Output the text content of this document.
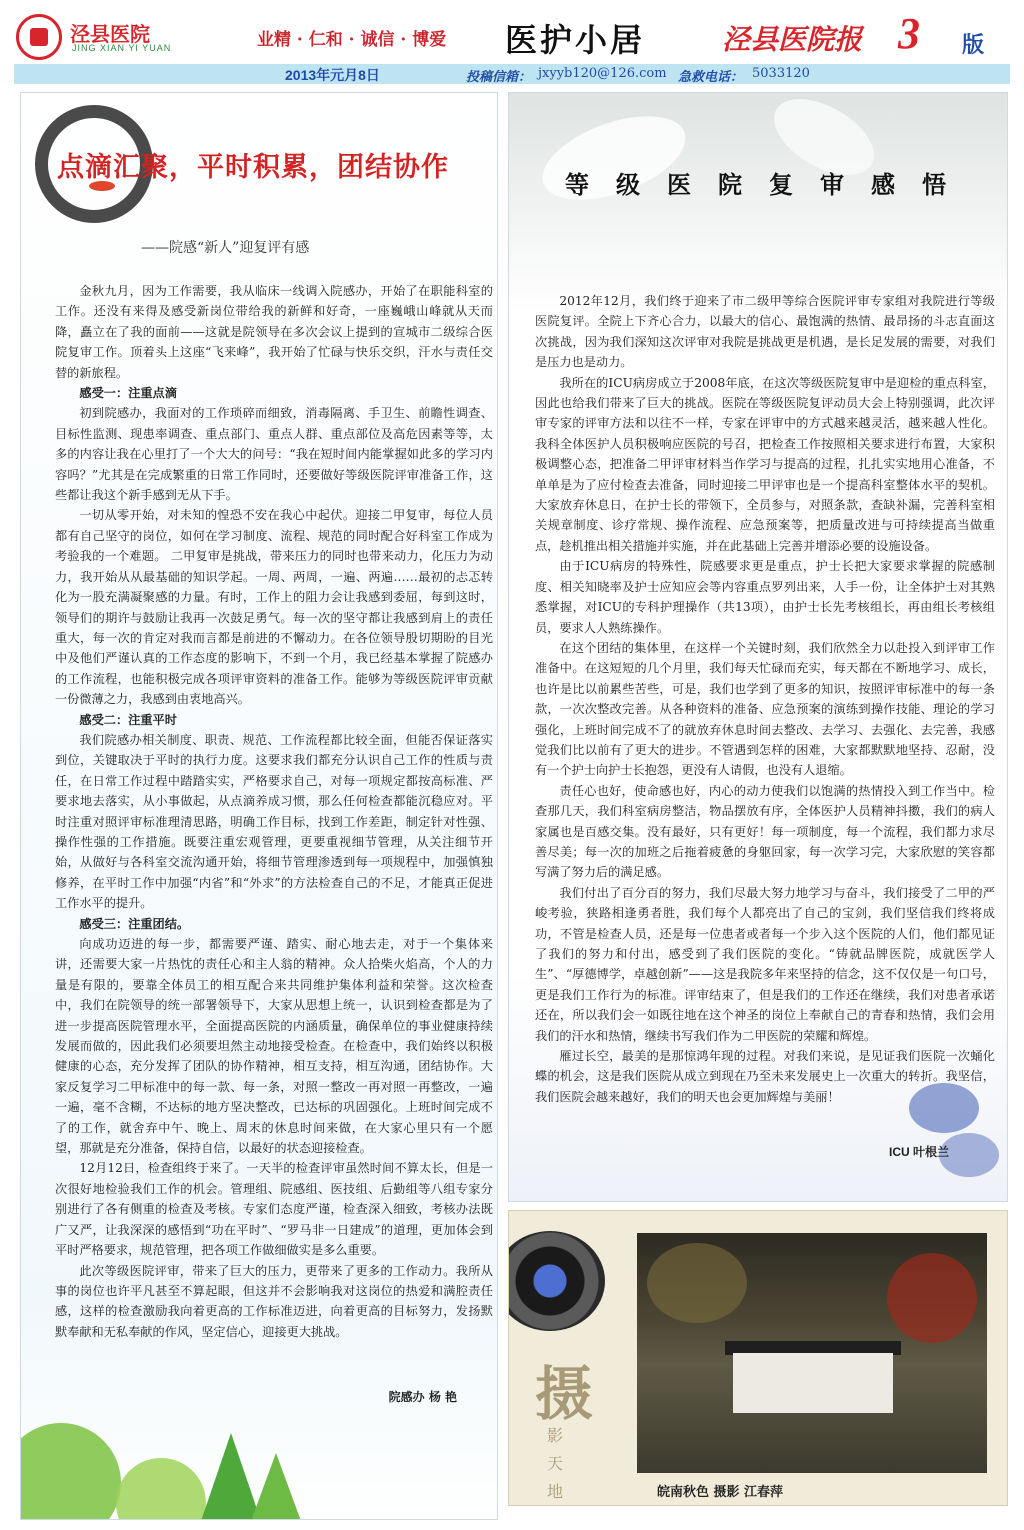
泾县医院
JING XIAN YI YUAN	业精 · 仁和 · 诚信 · 博爱 医护小居	泾县医院报 3 版
2013年元月8日	投稿信箱： jxyyb120@126.com 急救电话： 5033120
点滴汇聚，平时积累，团结协作
——院感“新人”迎复评有感

金秋九月，因为工作需要，我从临床一线调入院感办，开始了在职能科室的工作。还没有来得及感受新岗位带给我的新鲜和好奇，一座巍峨山峰就从天而降，矗立在了我的面前——这就是院领导在多次会议上提到的宣城市二级综合医院复审工作。顶着头上这座“飞来峰”，我开始了忙碌与快乐交织，汗水与责任交替的新旅程。

感受一：注重点滴

初到院感办，我面对的工作琐碎而细致，消毒隔离、手卫生、前瞻性调查、目标性监测、现患率调查、重点部门、重点人群、重点部位及高危因素等等，太多的内容让我在心里打了一个大大的问号：“我在短时间内能掌握如此多的学习内容吗？”尤其是在完成繁重的日常工作同时，还要做好等级医院评审准备工作，这些都让我这个新手感到无从下手。

一切从零开始，对未知的惶恐不安在我心中起伏。迎接二甲复审，每位人员都有自己坚守的岗位，如何在学习制度、流程、规范的同时配合好科室工作成为考验我的一个难题。 二甲复审是挑战，带来压力的同时也带来动力，化压力为动力，我开始从从最基础的知识学起。一周、两周，一遍、两遍……最初的忐忑转化为一股充满凝聚感的力量。有时，工作上的阻力会让我感到委屈，每到这时，领导们的期许与鼓励让我再一次鼓足勇气。每一次的坚守都让我感到肩上的责任重大，每一次的肯定对我而言都是前进的不懈动力。在各位领导殷切期盼的目光中及他们严谨认真的工作态度的影响下，不到一个月，我已经基本掌握了院感办的工作流程，也能积极完成各项评审资料的准备工作。能够为等级医院评审贡献一份微薄之力，我感到由衷地高兴。

感受二：注重平时

我们院感办相关制度、职责、规范、工作流程都比较全面，但能否保证落实到位，关键取决于平时的执行力度。这要求我们都充分认识自己工作的性质与责任，在日常工作过程中踏踏实实，严格要求自己，对每一项规定都按高标准、严要求地去落实，从小事做起，从点滴养成习惯，那么任何检查都能沉稳应对。平时注重对照评审标准理清思路，明确工作目标，找到工作差距，制定针对性强、操作性强的工作措施。既要注重宏观管理，更要重视细节管理，从关注细节开始，从做好与各科室交流沟通开始，将细节管理渗透到每一项规程中，加强慎独修养，在平时工作中加强“内省”和“外求”的方法检查自己的不足，才能真正促进工作水平的提升。

感受三：注重团结。

向成功迈进的每一步，都需要严谨、踏实、耐心地去走，对于一个集体来讲，还需要大家一片热忱的责任心和主人翁的精神。众人拾柴火焰高，个人的力量是有限的，要靠全体员工的相互配合来共同维护集体利益和荣誉。这次检查中，我们在院领导的统一部署领导下，大家从思想上统一，认识到检查都是为了进一步提高医院管理水平，全面提高医院的内涵质量，确保单位的事业健康持续发展而做的，因此我们必须要坦然主动地接受检查。在检查中，我们始终以积极健康的心态，充分发挥了团队的协作精神，相互支持，相互沟通，团结协作。大家反复学习二甲标准中的每一款、每一条，对照一整改一再对照一再整改，一遍一遍，毫不含糊，不达标的地方坚决整改，已达标的巩固强化。上班时间完成不了的工作，就舍弃中午、晚上、周末的休息时间来做，在大家心里只有一个愿望，那就是充分准备，保持自信，以最好的状态迎接检查。

12月12日，检查组终于来了。一天半的检查评审虽然时间不算太长，但是一次很好地检验我们工作的机会。管理组、院感组、医技组、后勤组等八组专家分别进行了各有侧重的检查及考核。专家们态度严谨，检查深入细致，考核办法既广又严，让我深深的感悟到“功在平时”、“罗马非一日建成”的道理，更加体会到平时严格要求，规范管理，把各项工作做细做实是多么重要。

此次等级医院评审，带来了巨大的压力，更带来了更多的工作动力。我所从事的岗位也许平凡甚至不算起眼，但这并不会影响我对这岗位的热爱和满腔责任感，这样的检查激励我向着更高的工作标准迈进，向着更高的目标努力，发扬默默奉献和无私奉献的作风，坚定信心，迎接更大挑战。

院感办 杨 艳
等级医院复审感悟

2012年12月，我们终于迎来了市二级甲等综合医院评审专家组对我院进行等级医院复评。全院上下齐心合力，以最大的信心、最饱满的热情、最昂扬的斗志直面这次挑战，因为我们深知这次评审对我院是挑战更是机遇，是长足发展的需要，对我们是压力也是动力。

我所在的ICU病房成立于2008年底，在这次等级医院复审中是迎检的重点科室，因此也给我们带来了巨大的挑战。医院在等级医院复评动员大会上特别强调，此次评审专家的评审方法和以往不一样，专家在评审中的方式越来越灵活，越来越人性化。我科全体医护人员积极响应医院的号召，把检查工作按照相关要求进行布置，大家积极调整心态，把准备二甲评审材料当作学习与提高的过程，扎扎实实地用心准备，不单单是为了应付检查去准备，同时迎接二甲评审也是一个提高科室整体水平的契机。大家放弃休息日，在护士长的带领下，全员参与，对照条款，查缺补漏，完善科室相关规章制度、诊疗常规、操作流程、应急预案等，把质量改进与可持续提高当做重点，趁机推出相关措施并实施，并在此基础上完善并增添必要的设施设备。

由于ICU病房的特殊性，院感要求更是重点，护士长把大家要求掌握的院感制度、相关知晓率及护士应知应会等内容重点罗列出来，人手一份，让全体护士对其熟悉掌握，对ICU的专科护理操作（共13项），由护士长先考核组长，再由组长考核组员，要求人人熟练操作。

在这个团结的集体里，在这样一个关键时刻，我们欣然全力以赴投入到评审工作准备中。在这短短的几个月里，我们每天忙碌而充实，每天都在不断地学习、成长，也许是比以前累些苦些，可是，我们也学到了更多的知识，按照评审标准中的每一条款，一次次整改完善。从各种资料的准备、应急预案的演练到操作技能、理论的学习强化，上班时间完成不了的就放弃休息时间去整改、去学习、去强化、去完善，我感觉我们比以前有了更大的进步。不管遇到怎样的困难，大家都默默地坚持、忍耐，没有一个护士向护士长抱怨，更没有人请假，也没有人退缩。

责任心也好，使命感也好，内心的动力使我们以饱满的热情投入到工作当中。检查那几天，我们科室病房整洁，物品摆放有序，全体医护人员精神抖擞，我们的病人家属也是百感交集。没有最好，只有更好！每一项制度，每一个流程，我们都力求尽善尽美；每一次的加班之后拖着疲惫的身躯回家，每一次学习完，大家欣慰的笑容都写满了努力后的满足感。

我们付出了百分百的努力，我们尽最大努力地学习与奋斗，我们接受了二甲的严峻考验，狭路相逢勇者胜，我们每个人都亮出了自己的宝剑，我们坚信我们终将成功，不管是检查人员，还是每一位患者或者每一个步入这个医院的人们，他们都见证了我们的努力和付出，感受到了我们医院的变化。“铸就品牌医院，成就医学人生”、“厚德博学，卓越创新”——这是我院多年来坚持的信念，这不仅仅是一句口号，更是我们工作行为的标准。评审结束了，但是我们的工作还在继续，我们对患者承诺还在，所以我们会一如既往地在这个神圣的岗位上奉献自己的青春和热情，我们会用我们的汗水和热情，继续书写我们作为二甲医院的荣耀和辉煌。

雁过长空，最美的是那惊鸿年现的过程。对我们来说，是见证我们医院一次蛹化蝶的机会，这是我们医院从成立到现在乃至未来发展史上一次重大的转折。我坚信，我们医院会越来越好，我们的明天也会更加辉煌与美丽！

ICU 叶根兰
摄
影
天
地	皖南秋色 摄影 江春萍
